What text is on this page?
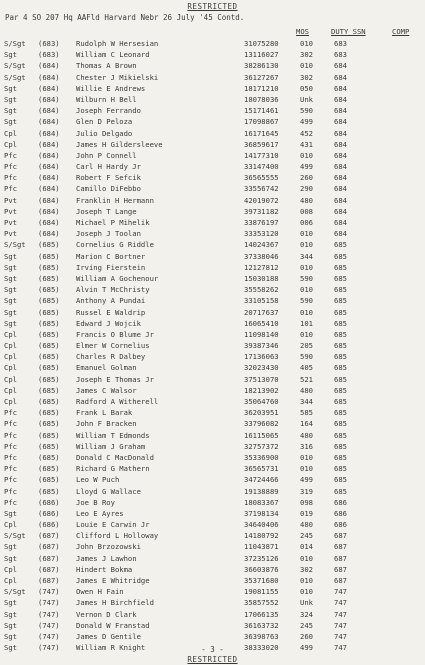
RESTRICTED
Par 4 SO 207 Hq AAFld Harvard Nebr 26 July '45 Contd.
MOS	DUTY SSN	COMP
S/Sgt	(683)	Rudolph W Hersesian	31075280	010	683
Sgt	(683)	William C Leonard	13116027	302	683
S/Sgt	(684)	Thomas A Brown	38286130	010	684
S/Sgt	(684)	Chester J Mikielski	36127267	302	684
Sgt	(684)	Willie E Andrews	18171210	050	684
Sgt	(684)	Wilburn H Bell	18078036	Unk	684
Sgt	(684)	Joseph Ferrando	15171461	590	684
Sgt	(684)	Glen D Peloza	17098867	499	684
Cpl	(684)	Julio Delgado	16171645	452	684
Cpl	(684)	James H Gildersleeve	36859617	431	684
Pfc	(684)	John P Connell	14177310	010	684
Pfc	(684)	Carl H Hardy Jr	33147400	499	684
Pfc	(684)	Robert F Sefcik	36565555	260	684
Pfc	(684)	Camillo DiFebbo	33556742	290	684
Pvt	(684)	Franklin H Hermann	42019072	480	684
Pvt	(684)	Joseph T Lange	39731182	008	684
Pvt	(684)	Michael P Mihelik	33876197	006	684
Pvt	(684)	Joseph J Toolan	33353120	010	684
S/Sgt	(685)	Cornelius G Riddle	14024367	010	685
Sgt	(685)	Marion C Bortner	37338046	344	685
Sgt	(685)	Irving Fierstein	12127812	010	685
Sgt	(685)	William A Gochenour	15030188	590	685
Sgt	(685)	Alvin T McChristy	35558262	010	685
Sgt	(685)	Anthony A Pundai	33105158	590	685
Sgt	(685)	Russel E Waldrip	20717637	010	685
Sgt	(685)	Edward J Wojcik	16065410	101	685
Cpl	(685)	Francis O Blume Jr	11098140	010	685
Cpl	(685)	Elmer W Cornelius	39387346	205	685
Cpl	(685)	Charles R Dalbey	17136063	590	685
Cpl	(685)	Emanuel Golman	32023430	405	685
Cpl	(685)	Joseph E Thomas Jr	37513070	521	685
Cpl	(685)	James C Walsor	18213902	480	685
Cpl	(685)	Radford A Witherell	35064760	344	685
Pfc	(685)	Frank L Barak	36203951	585	685
Pfc	(685)	John F Bracken	33796082	164	685
Pfc	(685)	William T Edmonds	16115065	480	685
Pfc	(685)	William J Graham	32757372	316	685
Pfc	(685)	Donald C MacDonald	35336900	010	685
Pfc	(685)	Richard G Mathern	36565731	010	685
Pfc	(685)	Leo W Puch	34724466	499	685
Pfc	(685)	Lloyd G Wallace	19138889	319	685
Pfc	(686)	Joe B Roy	18083367	098	686
Sgt	(686)	Leo E Ayres	37198134	019	686
Cpl	(686)	Louie E Carwin Jr	34640406	480	686
S/Sgt	(687)	Clifford L Holloway	14180792	245	687
Sgt	(687)	John Brzozowski	11043871	014	687
Sgt	(687)	James J Lawhon	37235126	010	687
Cpl	(687)	Hindert Bokma	36603876	302	687
Cpl	(687)	James E Whitridge	35371680	010	687
S/Sgt	(747)	Owen H Fain	19081155	010	747
Sgt	(747)	James H Birchfield	35857552	Unk	747
Sgt	(747)	Vernon D Clark	17066135	324	747
Sgt	(747)	Donald W Franstad	36163732	245	747
Sgt	(747)	James D Gentile	36398763	260	747
Sgt	(747)	William R Knight	38333020	499	747
- 3 -
RESTRICTED
